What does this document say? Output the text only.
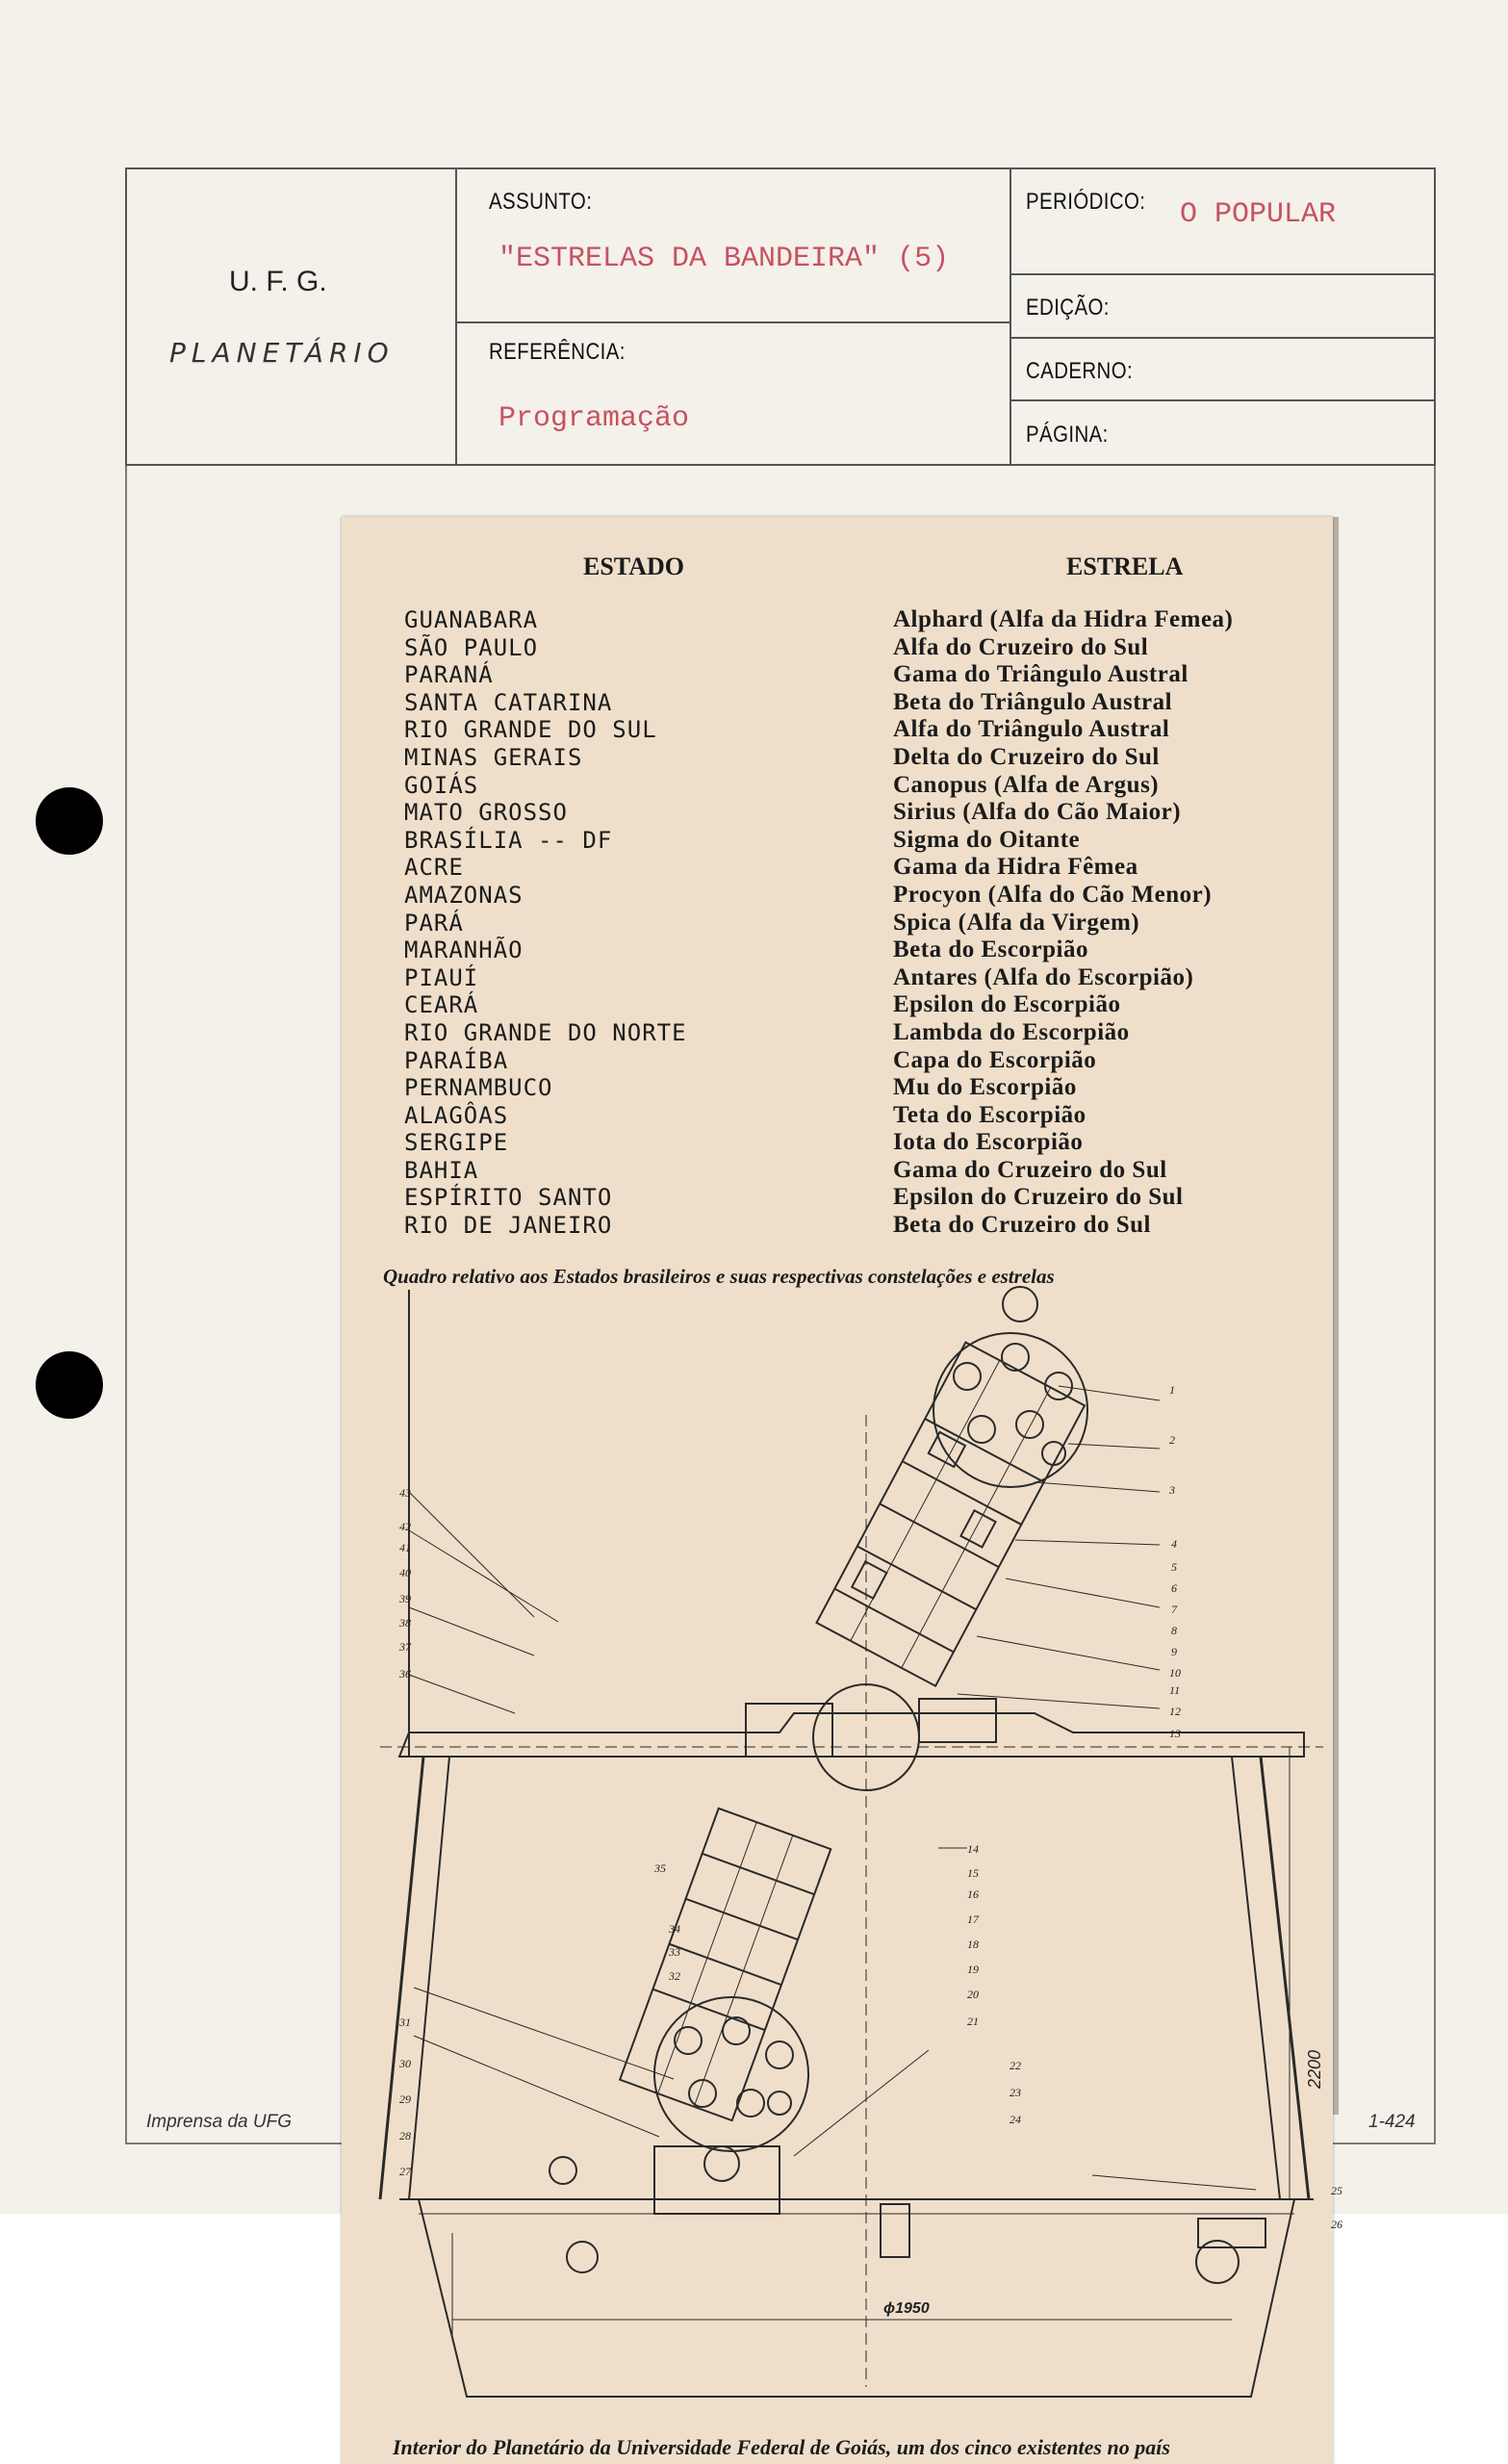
U. F. G.
PLANETÁRIO
ASSUNTO:
"ESTRELAS DA BANDEIRA" (5)
REFERÊNCIA:
Programação
PERIÓDICO: O POPULAR
EDIÇÃO:
CADERNO:
PÁGINA:
Imprensa da UFG	1-424
ESTADO	ESTRELA
GUANABARA
SÃO PAULO
PARANÁ
SANTA CATARINA
RIO GRANDE DO SUL
MINAS GERAIS
GOIÁS
MATO GROSSO
BRASÍLIA -- DF
ACRE
AMAZONAS
PARÁ
MARANHÃO
PIAUÍ
CEARÁ
RIO GRANDE DO NORTE
PARAÍBA
PERNAMBUCO
ALAGÔAS
SERGIPE
BAHIA
ESPÍRITO SANTO
RIO DE JANEIRO
Alphard (Alfa da Hidra Femea)
Alfa do Cruzeiro do Sul
Gama do Triângulo Austral
Beta do Triângulo Austral
Alfa do Triângulo Austral
Delta do Cruzeiro do Sul
Canopus (Alfa de Argus)
Sirius (Alfa do Cão Maior)
Sigma do Oitante
Gama da Hidra Fêmea
Procyon (Alfa do Cão Menor)
Spica (Alfa da Virgem)
Beta do Escorpião
Antares (Alfa do Escorpião)
Epsilon do Escorpião
Lambda do Escorpião
Capa do Escorpião
Mu do Escorpião
Teta do Escorpião
Iota do Escorpião
Gama do Cruzeiro do Sul
Epsilon do Cruzeiro do Sul
Beta do Cruzeiro do Sul
Quadro relativo aos Estados brasileiros e suas respectivas constelações e estrelas
1
2
3
4
5
6
7
8
9
10
11
12
13
14
15
16
17
18
19
20
21
22
23
24
25
26
43
42
41
40
39
38
37
36
35
34
33
32
31
30
29
28
27
2200
ϕ1950
Interior do Planetário da Universidade Federal de Goiás, um dos cinco existentes no país
